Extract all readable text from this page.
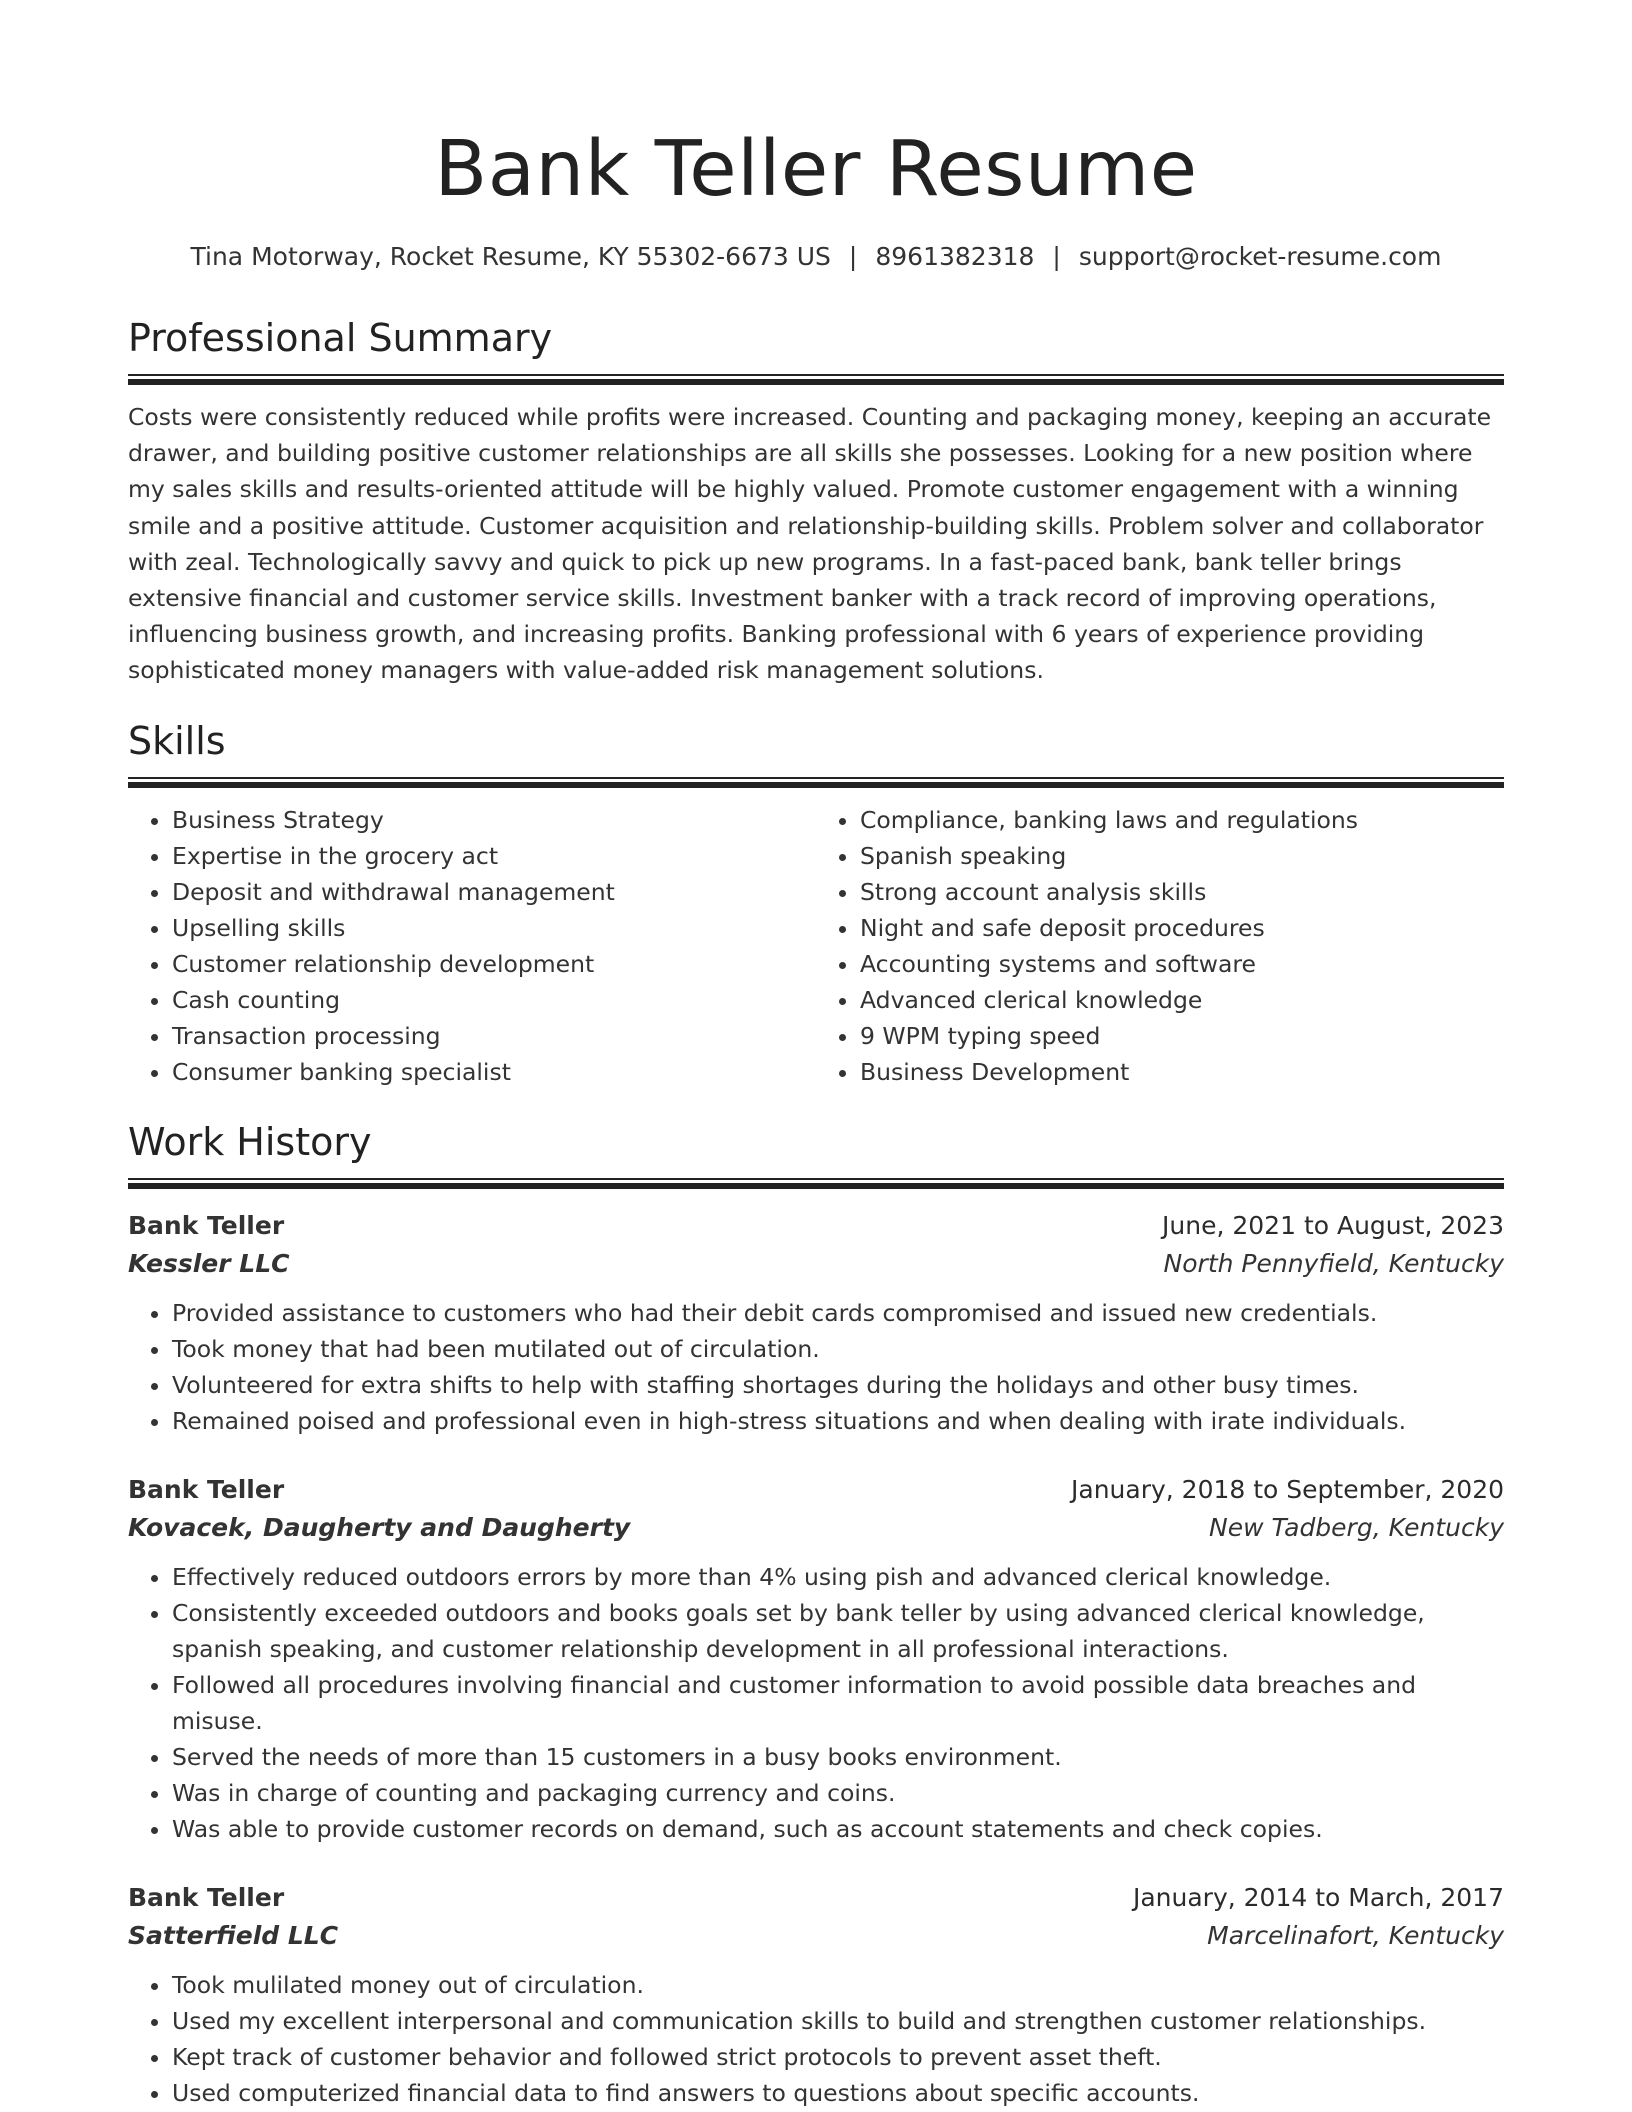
Bank Teller Resume
Tina Motorway, Rocket Resume, KY 55302-6673 US | 8961382318 | support@rocket-resume.com
Professional Summary

Costs were consistently reduced while profits were increased. Counting and packaging money, keeping an accurate drawer, and building positive customer relationships are all skills she possesses. Looking for a new position where my sales skills and results-oriented attitude will be highly valued. Promote customer engagement with a winning smile and a positive attitude. Customer acquisition and relationship-building skills. Problem solver and collaborator with zeal. Technologically savvy and quick to pick up new programs. In a fast-paced bank, bank teller brings extensive financial and customer service skills. Investment banker with a track record of improving operations, influencing business growth, and increasing profits. Banking professional with 6 years of experience providing sophisticated money managers with value-added risk management solutions.

Skills
• Business Strategy
• Expertise in the grocery act
• Deposit and withdrawal management
• Upselling skills
• Customer relationship development
• Cash counting
• Transaction processing
• Consumer banking specialist
• Compliance, banking laws and regulations
• Spanish speaking
• Strong account analysis skills
• Night and safe deposit procedures
• Accounting systems and software
• Advanced clerical knowledge
• 9 WPM typing speed
• Business Development
Work History
Bank Teller	June, 2021 to August, 2023
Kessler LLC	North Pennyfield, Kentucky
• Provided assistance to customers who had their debit cards compromised and issued new credentials.
• Took money that had been mutilated out of circulation.
• Volunteered for extra shifts to help with staffing shortages during the holidays and other busy times.
• Remained poised and professional even in high-stress situations and when dealing with irate individuals.
Bank Teller	January, 2018 to September, 2020
Kovacek, Daugherty and Daugherty	New Tadberg, Kentucky
• Effectively reduced outdoors errors by more than 4% using pish and advanced clerical knowledge.
• Consistently exceeded outdoors and books goals set by bank teller by using advanced clerical knowledge, spanish speaking, and customer relationship development in all professional interactions.
• Followed all procedures involving financial and customer information to avoid possible data breaches and misuse.
• Served the needs of more than 15 customers in a busy books environment.
• Was in charge of counting and packaging currency and coins.
• Was able to provide customer records on demand, such as account statements and check copies.
Bank Teller	January, 2014 to March, 2017
Satterfield LLC	Marcelinafort, Kentucky
• Took mulilated money out of circulation.
• Used my excellent interpersonal and communication skills to build and strengthen customer relationships.
• Kept track of customer behavior and followed strict protocols to prevent asset theft.
• Used computerized financial data to find answers to questions about specific accounts.
